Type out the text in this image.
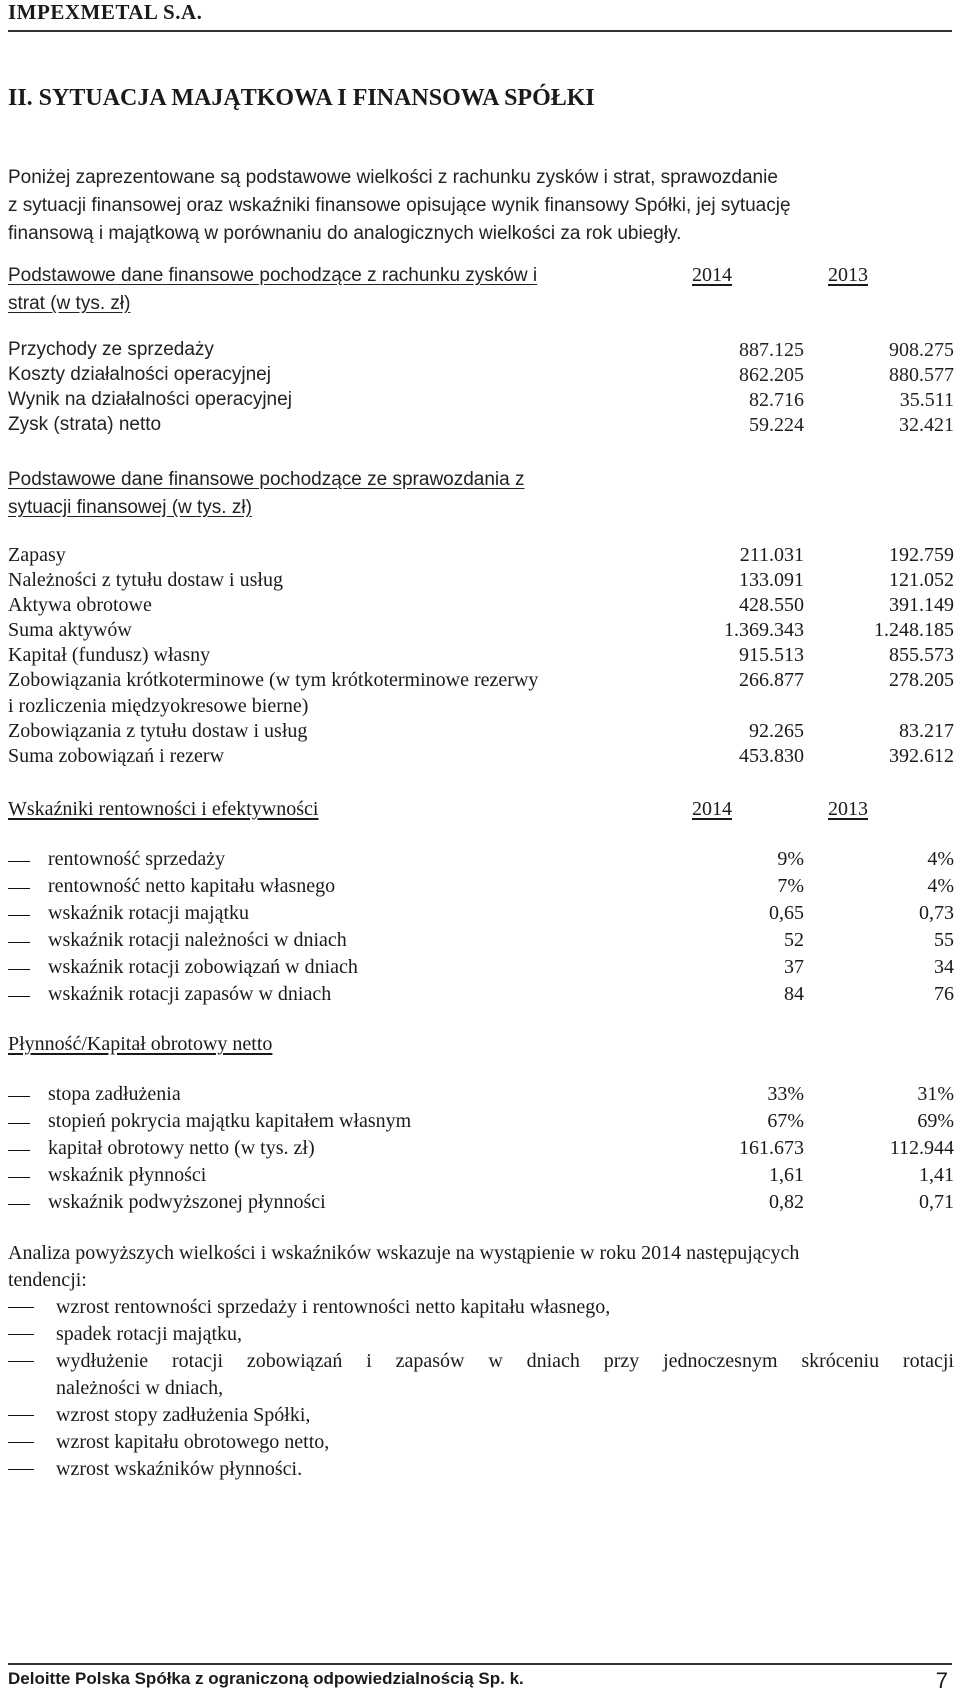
IMPEXMETAL S.A.
II. SYTUACJA MAJĄTKOWA I FINANSOWA SPÓŁKI
Poniżej zaprezentowane są podstawowe wielkości z rachunku zysków i strat, sprawozdanie
z sytuacji finansowej oraz wskaźniki finansowe opisujące wynik finansowy Spółki, jej sytuację
finansową i majątkową w porównaniu do analogicznych wielkości za rok ubiegły.
Podstawowe dane finansowe pochodzące z rachunku zysków i
strat (w tys. zł)
2014	2013
Przychody ze sprzedaży	887.125	908.275
Koszty działalności operacyjnej	862.205	880.577
Wynik na działalności operacyjnej	82.716	35.511
Zysk (strata) netto	59.224	32.421
Podstawowe dane finansowe pochodzące ze sprawozdania z
sytuacji finansowej (w tys. zł)
Zapasy	211.031	192.759
Należności z tytułu dostaw i usług	133.091	121.052
Aktywa obrotowe	428.550	391.149
Suma aktywów	1.369.343	1.248.185
Kapitał (fundusz) własny	915.513	855.573
Zobowiązania krótkoterminowe (w tym krótkoterminowe rezerwy
i rozliczenia międzyokresowe bierne)
266.877	278.205
Zobowiązania z tytułu dostaw i usług	92.265	83.217
Suma zobowiązań i rezerw	453.830	392.612
Wskaźniki rentowności i efektywności	2014	2013
rentowność sprzedaży	9%	4%
rentowność netto kapitału własnego	7%	4%
wskaźnik rotacji majątku	0,65	0,73
wskaźnik rotacji należności w dniach	52	55
wskaźnik rotacji zobowiązań w dniach	37	34
wskaźnik rotacji zapasów w dniach	84	76
Płynność/Kapitał obrotowy netto
stopa zadłużenia	33%	31%
stopień pokrycia majątku kapitałem własnym	67%	69%
kapitał obrotowy netto (w tys. zł)	161.673	112.944
wskaźnik płynności	1,61	1,41
wskaźnik podwyższonej płynności	0,82	0,71
Analiza powyższych wielkości i wskaźników wskazuje na wystąpienie w roku 2014 następujących
tendencji:
wzrost rentowności sprzedaży i rentowności netto kapitału własnego,
spadek rotacji majątku,
wydłużenie rotacji zobowiązań i zapasów w dniach przy jednoczesnym skróceniu rotacji
należności w dniach,
wzrost stopy zadłużenia Spółki,
wzrost kapitału obrotowego netto,
wzrost wskaźników płynności.
Deloitte Polska Spółka z ograniczoną odpowiedzialnością Sp. k.	7
